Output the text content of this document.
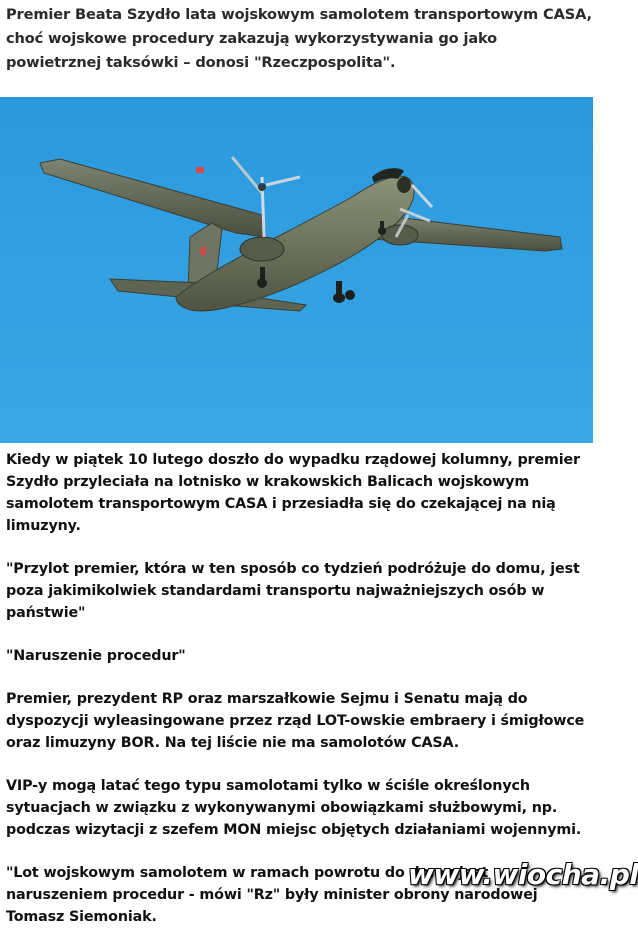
Premier Beata Szydło lata wojskowym samolotem transportowym CASA, choć wojskowe procedury zakazują wykorzystywania go jako powietrznej taksówki – donosi "Rzeczpospolita".

Kiedy w piątek 10 lutego doszło do wypadku rządowej kolumny, premier Szydło przyleciała na lotnisko w krakowskich Balicach wojskowym samolotem transportowym CASA i przesiadła się do czekającej na nią limuzyny.

"Przylot premier, która w ten sposób co tydzień podróżuje do domu, jest poza jakimikolwiek standardami transportu najważniejszych osób w państwie"

"Naruszenie procedur"

Premier, prezydent RP oraz marszałkowie Sejmu i Senatu mają do dyspozycji wyleasingowane przez rząd LOT-owskie embraery i śmigłowce oraz limuzyny BOR. Na tej liście nie ma samolotów CASA.

VIP-y mogą latać tego typu samolotami tylko w ściśle określonych sytuacjach w związku z wykonywanymi obowiązkami służbowymi, np. podczas wizytacji z szefem MON miejsc objętych działaniami wojennymi.

"Lot wojskowym samolotem w ramach powrotu do domu jest naruszeniem procedur - mówi "Rz" były minister obrony narodowej Tomasz Siemoniak.

www.wiocha.pl
